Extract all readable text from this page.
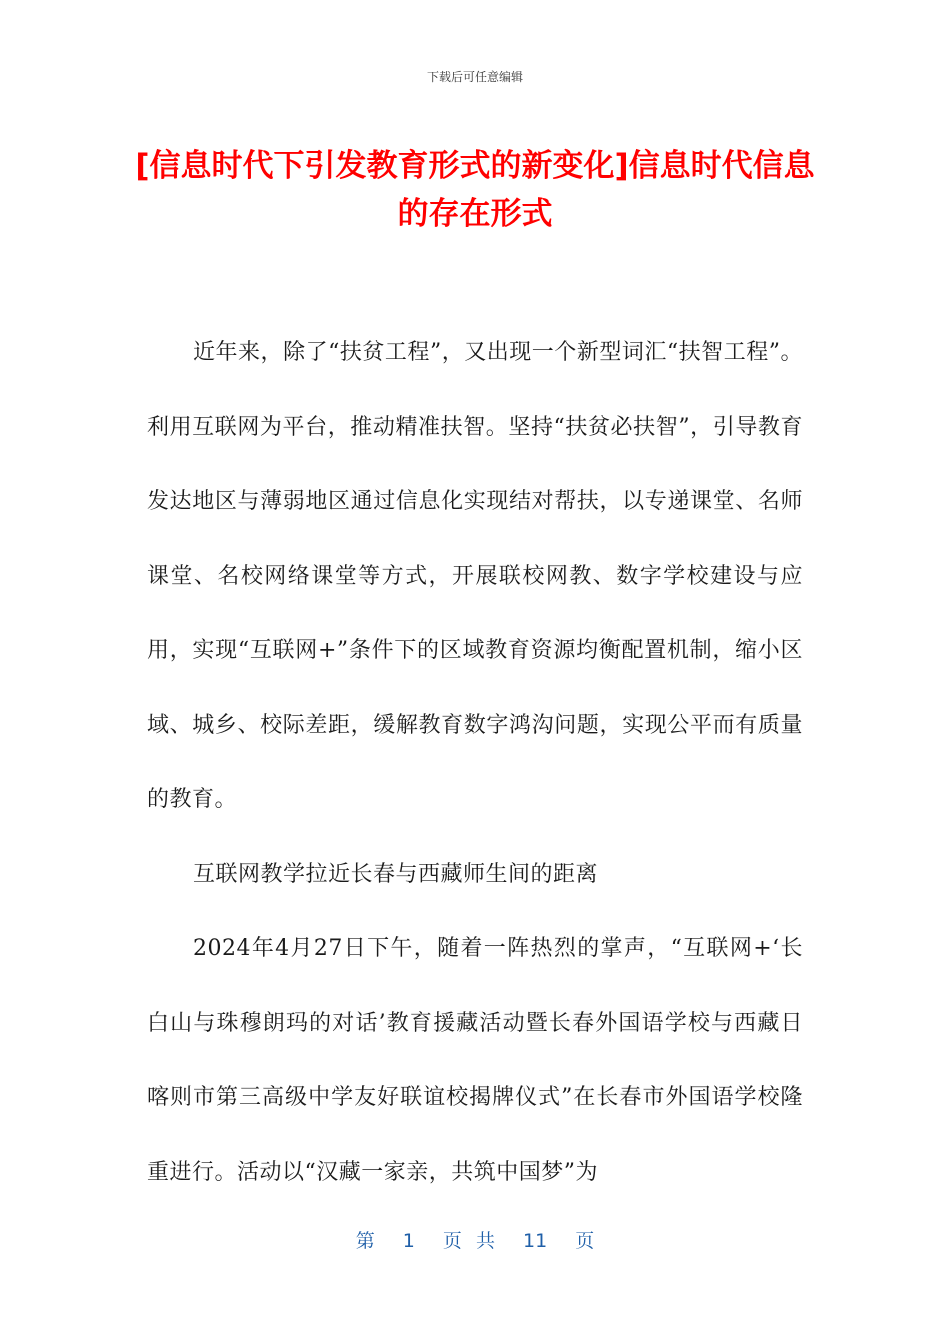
下载后可任意编辑
[信息时代下引发教育形式的新变化]信息时代信息的存在形式

近年来，除了“扶贫工程”，又出现一个新型词汇“扶智工程”。利用互联网为平台，推动精准扶智。坚持“扶贫必扶智”，引导教育发达地区与薄弱地区通过信息化实现结对帮扶，以专递课堂、名师课堂、名校网络课堂等方式，开展联校网教、数字学校建设与应用，实现“互联网+”条件下的区域教育资源均衡配置机制，缩小区域、城乡、校际差距，缓解教育数字鸿沟问题，实现公平而有质量的教育。

互联网教学拉近长春与西藏师生间的距离

2024年4月27日下午，随着一阵热烈的掌声，“互联网+‘长白山与珠穆朗玛的对话’教育援藏活动暨长春外国语学校与西藏日喀则市第三高级中学友好联谊校揭牌仪式”在长春市外国语学校隆重进行。活动以“汉藏一家亲，共筑中国梦”为

第  1  页 共  11  页
